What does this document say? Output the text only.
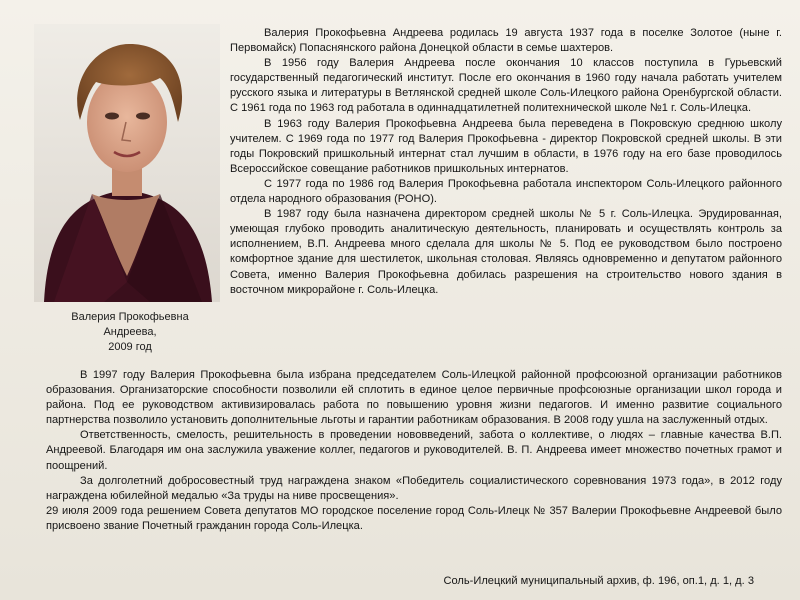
Валерия Прокофьевна
Андреева,
2009 год

Валерия Прокофьевна Андреева родилась 19 августа 1937 года в поселке Золотое (ныне г. Первомайск) Попаснянского района Донецкой области в семье шахтеров.

В 1956 году Валерия Андреева после окончания 10 классов поступила в Гурьевский государственный педагогический институт. После его окончания в 1960 году начала работать учителем русского языка и литературы в Ветлянской средней школе Соль-Илецкого района Оренбургской области. С 1961 года по 1963 год работала в одиннадцатилетней политехнической школе №1 г. Соль-Илецка.

В 1963 году Валерия Прокофьевна Андреева была переведена в Покровскую среднюю школу учителем. С 1969 года по 1977 год Валерия Прокофьевна - директор Покровской средней школы. В эти годы Покровский пришкольный интернат стал лучшим в области, в 1976 году на его базе проводилось Всероссийское совещание работников пришкольных интернатов.

С 1977 года по 1986 год Валерия Прокофьевна работала инспектором Соль-Илецкого районного отдела народного образования (РОНО).

В 1987 году была назначена директором средней школы № 5 г. Соль-Илецка. Эрудированная, умеющая глубоко проводить аналитическую деятельность, планировать и осуществлять контроль за исполнением, В.П. Андреева много сделала для школы № 5. Под ее руководством было построено комфортное здание для шестилеток, школьная столовая. Являясь одновременно и депутатом районного Совета, именно Валерия Прокофьевна добилась разрешения на строительство нового здания в восточном микрорайоне г. Соль-Илецка.

В 1997 году Валерия Прокофьевна была избрана председателем Соль-Илецкой районной профсоюзной организации работников образования. Организаторские способности позволили ей сплотить в единое целое первичные профсоюзные организации школ города и района. Под ее руководством активизировалась работа по повышению уровня жизни педагогов. И именно развитие социального партнерства позволило установить дополнительные льготы и гарантии работникам образования. В 2008 году ушла на заслуженный отдых.

Ответственность, смелость, решительность в проведении нововведений, забота о коллективе, о людях – главные качества В.П. Андреевой. Благодаря им она заслужила уважение коллег, педагогов и руководителей. В. П. Андреева имеет множество почетных грамот и поощрений.

За долголетний добросовестный труд награждена знаком «Победитель социалистического соревнования 1973 года», в 2012 году награждена юбилейной медалью «За труды на ниве просвещения».

29 июля 2009 года решением Совета депутатов МО городское поселение город Соль-Илецк № 357 Валерии Прокофьевне Андреевой было присвоено звание Почетный гражданин города Соль-Илецка.

Соль-Илецкий муниципальный архив, ф. 196, оп.1, д. 1, д. 3
